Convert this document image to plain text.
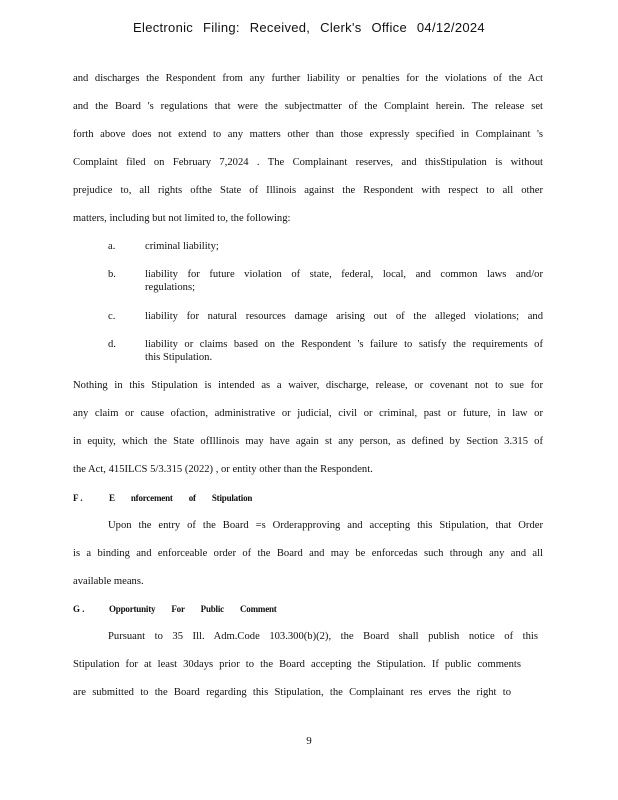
Electronic Filing: Received, Clerk's Office 04/12/2024
and discharges the Respondent from any further liability or penalties for the violations of the Act
and the Board 's regulations that were the subjectmatter of the Complaint herein. The release set
forth above does not extend to any matters other than those expressly specified in Complainant 's
Complaint filed on February 7,2024 . The Complainant reserves, and thisStipulation is without
prejudice to, all rights ofthe State of Illinois against the Respondent with respect to all other
matters, including but not limited to, the following:
a.	criminal liability;
b.	liability for future violation of state, federal, local, and common laws and/or
regulations;
c.	liability for natural resources damage arising out of the alleged violations; and
d.	liability or claims based on the Respondent 's failure to satisfy the requirements of
this Stipulation.
Nothing in this Stipulation is intended as a waiver, discharge, release, or covenant not to sue for
any claim or cause ofaction, administrative or judicial, civil or criminal, past or future, in law or
in equity, which the State ofIllinois may have again st any person, as defined by Section 3.315 of
the Act, 415ILCS 5/3.315 (2022) , or entity other than the Respondent.
F .	E nforcement of Stipulation
Upon the entry of the Board =s Orderapproving and accepting this Stipulation, that Order
is a binding and enforceable order of the Board and may be enforcedas such through any and all
available means.
G .	Opportunity For Public Comment
Pursuant to 35 Ill. Adm.Code 103.300(b)(2), the Board shall publish notice of this
Stipulation for at least 30days prior to the Board accepting the Stipulation. If public comments
are submitted to the Board regarding this Stipulation, the Complainant res erves the right to
9
